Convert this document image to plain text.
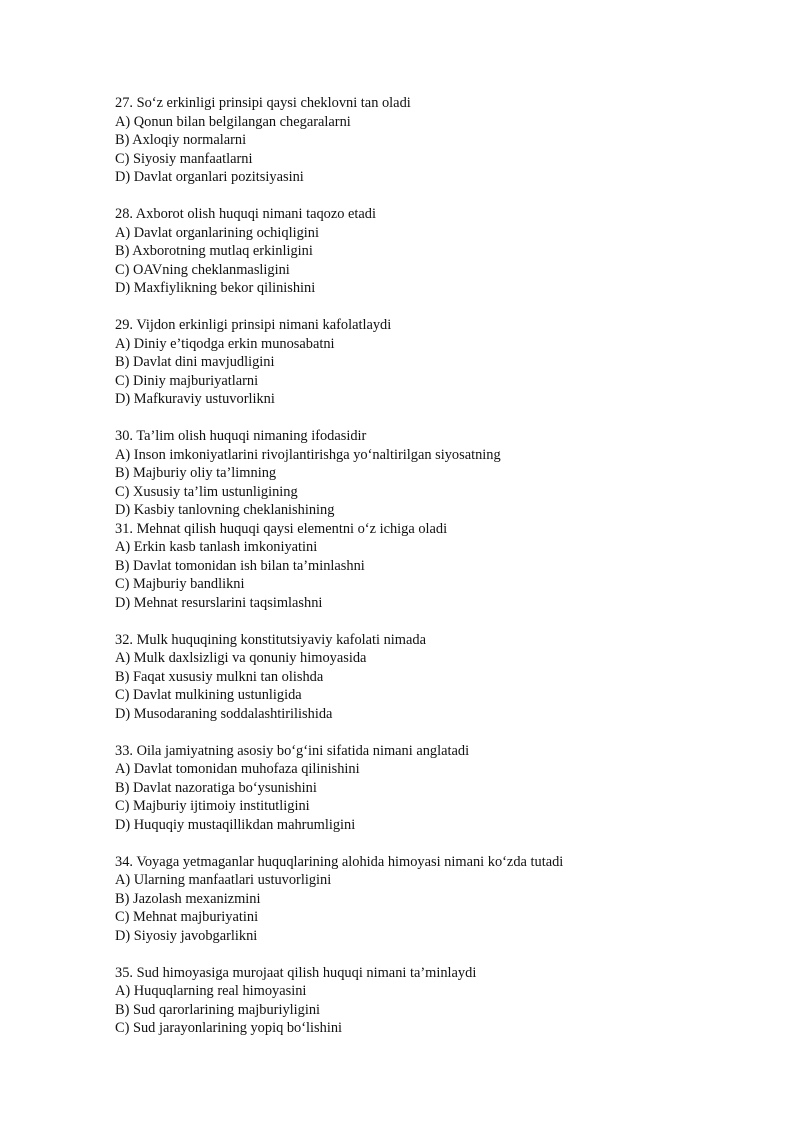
27. So‘z erkinligi prinsipi qaysi cheklovni tan oladi
A) Qonun bilan belgilangan chegaralarni
B) Axloqiy normalarni
C) Siyosiy manfaatlarni
D) Davlat organlari pozitsiyasini
28. Axborot olish huquqi nimani taqozo etadi
A) Davlat organlarining ochiqligini
B) Axborotning mutlaq erkinligini
C) OAVning cheklanmasligini
D) Maxfiylikning bekor qilinishini
29. Vijdon erkinligi prinsipi nimani kafolatlaydi
A) Diniy e’tiqodga erkin munosabatni
B) Davlat dini mavjudligini
C) Diniy majburiyatlarni
D) Mafkuraviy ustuvorlikni
30. Ta’lim olish huquqi nimaning ifodasidir
A) Inson imkoniyatlarini rivojlantirishga yo‘naltirilgan siyosatning
B) Majburiy oliy ta’limning
C) Xususiy ta’lim ustunligining
D) Kasbiy tanlovning cheklanishining
31. Mehnat qilish huquqi qaysi elementni o‘z ichiga oladi
A) Erkin kasb tanlash imkoniyatini
B) Davlat tomonidan ish bilan ta’minlashni
C) Majburiy bandlikni
D) Mehnat resurslarini taqsimlashni
32. Mulk huquqining konstitutsiyaviy kafolati nimada
A) Mulk daxlsizligi va qonuniy himoyasida
B) Faqat xususiy mulkni tan olishda
C) Davlat mulkining ustunligida
D) Musodaraning soddalashtirilishida
33. Oila jamiyatning asosiy bo‘g‘ini sifatida nimani anglatadi
A) Davlat tomonidan muhofaza qilinishini
B) Davlat nazoratiga bo‘ysunishini
C) Majburiy ijtimoiy institutligini
D) Huquqiy mustaqillikdan mahrumligini
34. Voyaga yetmaganlar huquqlarining alohida himoyasi nimani ko‘zda tutadi
A) Ularning manfaatlari ustuvorligini
B) Jazolash mexanizmini
C) Mehnat majburiyatini
D) Siyosiy javobgarlikni
35. Sud himoyasiga murojaat qilish huquqi nimani ta’minlaydi
A) Huquqlarning real himoyasini
B) Sud qarorlarining majburiyligini
C) Sud jarayonlarining yopiq bo‘lishini
